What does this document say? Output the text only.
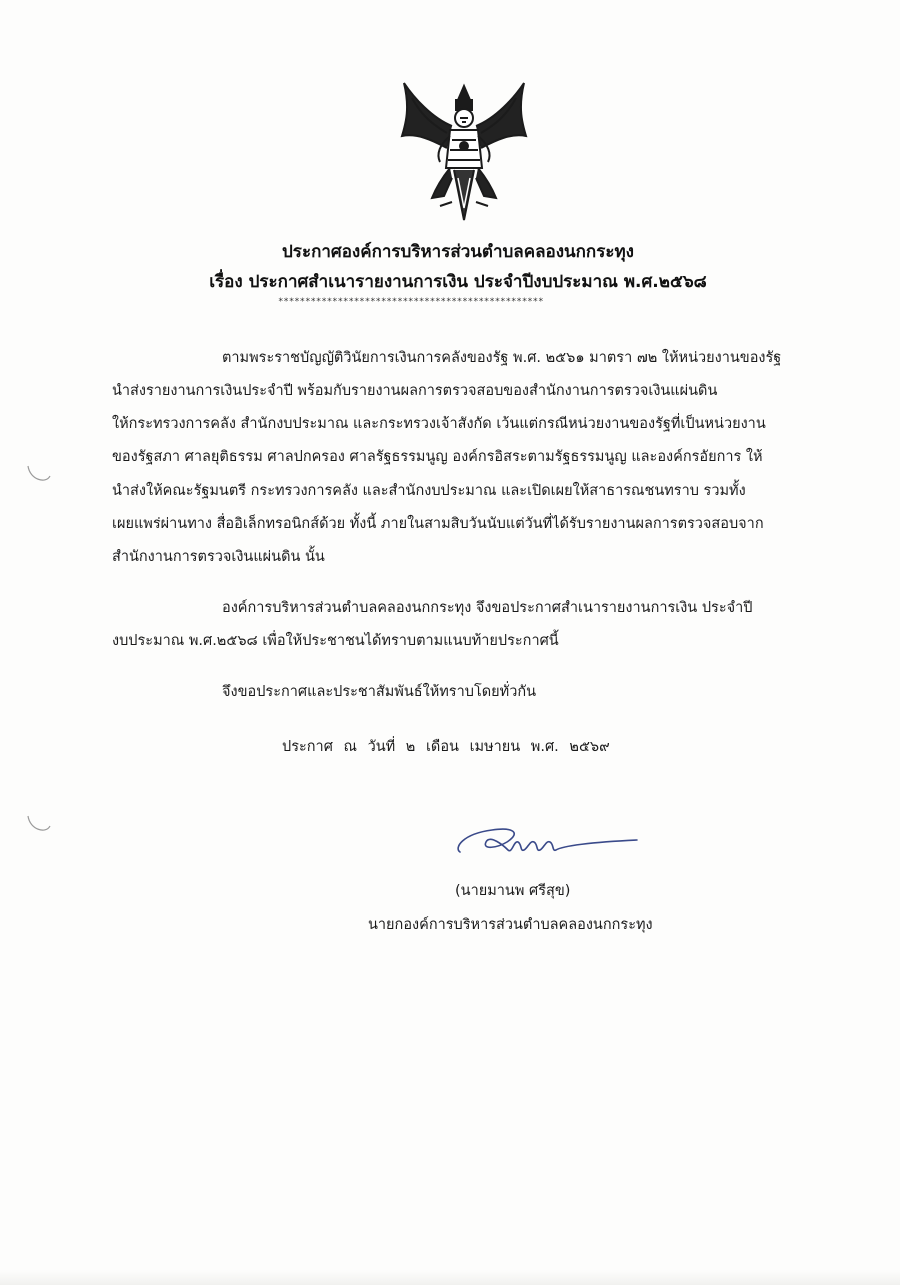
ประกาศองค์การบริหารส่วนตำบลคลองนกกระทุง
เรื่อง ประกาศสำเนารายงานการเงิน ประจำปีงบประมาณ พ.ศ.๒๕๖๘
*************************************************
ตามพระราชบัญญัติวินัยการเงินการคลังของรัฐ พ.ศ. ๒๕๖๑ มาตรา ๗๒ ให้หน่วยงานของรัฐ
นำส่งรายงานการเงินประจำปี พร้อมกับรายงานผลการตรวจสอบของสำนักงานการตรวจเงินแผ่นดิน
ให้กระทรวงการคลัง สำนักงบประมาณ และกระทรวงเจ้าสังกัด เว้นแต่กรณีหน่วยงานของรัฐที่เป็นหน่วยงาน
ของรัฐสภา ศาลยุติธรรม ศาลปกครอง ศาลรัฐธรรมนูญ องค์กรอิสระตามรัฐธรรมนูญ และองค์กรอัยการ ให้
นำส่งให้คณะรัฐมนตรี กระทรวงการคลัง และสำนักงบประมาณ และเปิดเผยให้สาธารณชนทราบ รวมทั้ง
เผยแพร่ผ่านทาง สื่ออิเล็กทรอนิกส์ด้วย ทั้งนี้ ภายในสามสิบวันนับแต่วันที่ได้รับรายงานผลการตรวจสอบจาก
สำนักงานการตรวจเงินแผ่นดิน นั้น
องค์การบริหารส่วนตำบลคลองนกกระทุง จึงขอประกาศสำเนารายงานการเงิน ประจำปี
งบประมาณ พ.ศ.๒๕๖๘ เพื่อให้ประชาชนได้ทราบตามแนบท้ายประกาศนี้
จึงขอประกาศและประชาสัมพันธ์ให้ทราบโดยทั่วกัน
ประกาศ ณ วันที่ ๒ เดือน เมษายน พ.ศ. ๒๕๖๙
(นายมานพ ศรีสุข)
นายกองค์การบริหารส่วนตำบลคลองนกกระทุง
